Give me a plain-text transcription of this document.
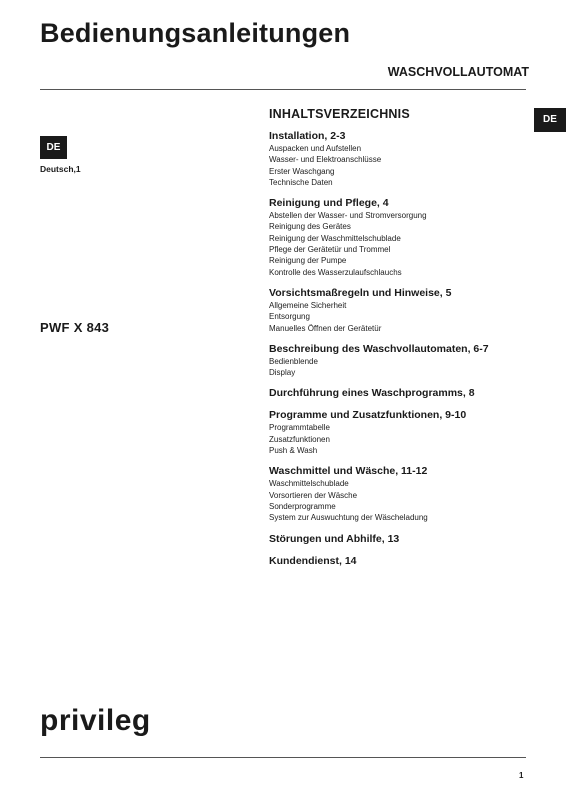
Bedienungsanleitungen
WASCHVOLLAUTOMAT
DE
DE
Deutsch,1
PWF X 843
INHALTSVERZEICHNIS
Installation, 2-3
Auspacken und Aufstellen
Wasser- und Elektroanschlüsse
Erster Waschgang
Technische Daten
Reinigung und Pflege, 4
Abstellen der Wasser- und Stromversorgung
Reinigung des Gerätes
Reinigung der Waschmittelschublade
Pflege der Gerätetür und Trommel
Reinigung der Pumpe
Kontrolle des Wasserzulaufschlauchs
Vorsichtsmaßregeln und Hinweise, 5
Allgemeine Sicherheit
Entsorgung
Manuelles Öffnen der Gerätetür
Beschreibung des Waschvollautomaten, 6-7
Bedienblende
Display
Durchführung eines Waschprogramms, 8
Programme und Zusatzfunktionen, 9-10
Programmtabelle
Zusatzfunktionen
Push & Wash
Waschmittel und Wäsche, 11-12
Waschmittelschublade
Vorsortieren der Wäsche
Sonderprogramme
System zur Auswuchtung der Wäscheladung
Störungen und Abhilfe, 13
Kundendienst, 14
privileg
1
